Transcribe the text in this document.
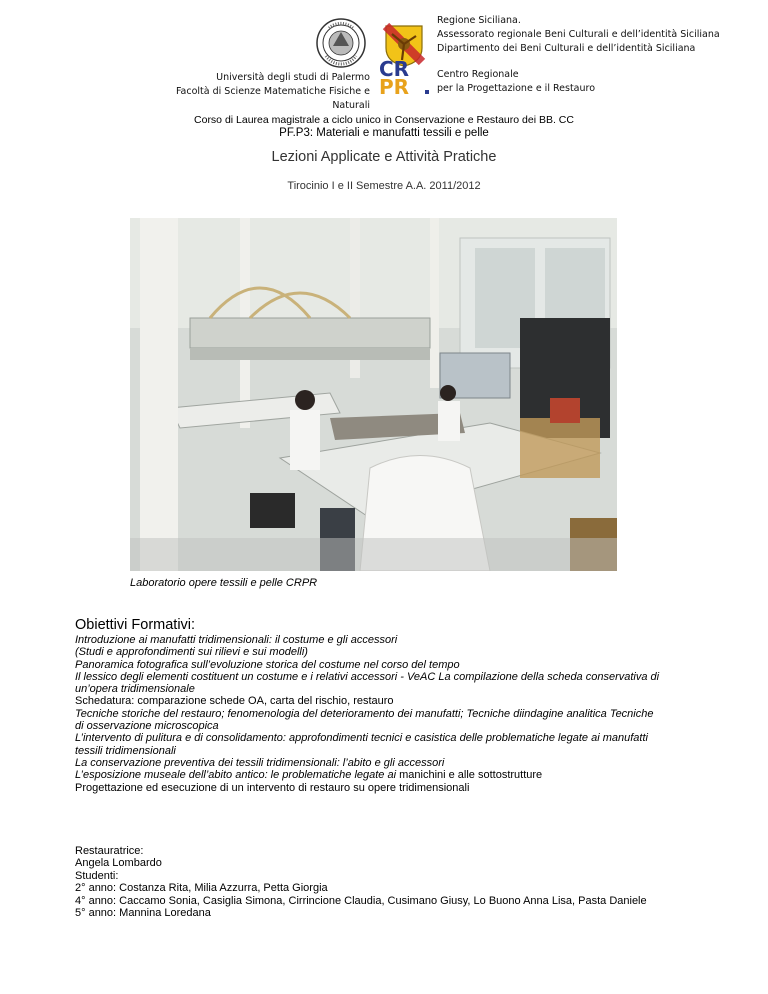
CR
PR
Regione Siciliana.
Assessorato regionale Beni Culturali e dell’identità Siciliana
Dipartimento dei Beni Culturali e dell’identità Siciliana
Università degli studi di Palermo
Facoltà di Scienze Matematiche Fisiche e Naturali
Centro Regionale
per la Progettazione e il Restauro
Corso di Laurea magistrale a ciclo unico in Conservazione e Restauro dei BB. CC
PF.P3: Materiali e manufatti tessili e pelle
Lezioni Applicate e Attività Pratiche
Tirocinio I e II Semestre A.A. 2011/2012
Laboratorio opere tessili e pelle CRPR
Obiettivi Formativi:
Introduzione ai manufatti tridimensionali: il costume e gli accessori
(Studi e approfondimenti sui rilievi e sui modelli)
Panoramica fotografica sull’evoluzione storica del costume nel corso del tempo
Il lessico degli elementi costituent un costume e i relativi accessori - VeAC La compilazione della scheda conservativa di
un’opera tridimensionale
Schedatura: comparazione schede OA, carta del rischio, restauro
Tecniche storiche del restauro; fenomenologia del deterioramento dei manufatti; Tecniche diindagine analitica Tecniche
di osservazione microscopica
L’intervento di pulitura e di consolidamento: approfondimenti tecnici e casistica delle problematiche legate ai manufatti
tessili tridimensionali
La conservazione preventiva dei tessili tridimensionali: l’abito e gli accessori
L’esposizione museale dell’abito antico: le problematiche legate ai manichini e alle sottostrutture
Progettazione ed esecuzione di un intervento di restauro su opere tridimensionali
Restauratrice:
Angela Lombardo
Studenti:
2° anno: Costanza Rita, Milia Azzurra, Petta Giorgia
4° anno: Caccamo Sonia, Casiglia Simona, Cirrincione Claudia, Cusimano Giusy, Lo Buono Anna Lisa, Pasta Daniele
5° anno: Mannina Loredana
